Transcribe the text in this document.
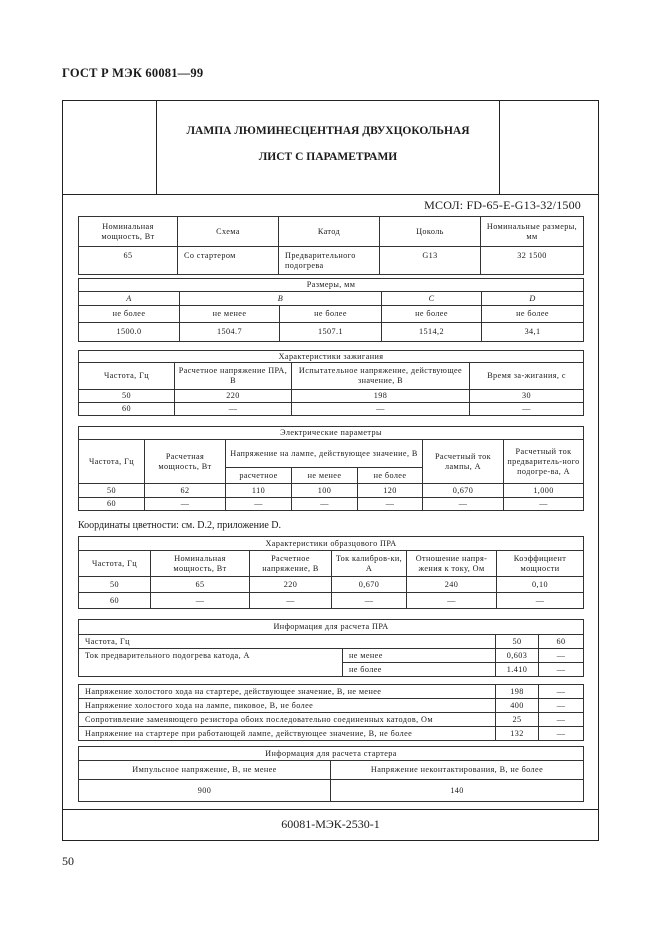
ГОСТ Р МЭК 60081—99
ЛАМПА ЛЮМИНЕСЦЕНТНАЯ ДВУХЦОКОЛЬНАЯ
ЛИСТ С ПАРАМЕТРАМИ
МСОЛ: FD-65-E-G13-32/1500
Номинальная мощность, Вт	Схема	Катод	Цоколь	Номинальные размеры, мм
65	Со стартером	Предварительного подогрева	G13	32 1500
Размеры, мм				
A	B		C	D
не более	не менее	не более	не более	не более
1500.0	1504.7	1507.1	1514,2	34,1
Характеристики зажигания			
Частота, Гц	Расчетное напряжение ПРА, В	Испытательное напряжение, действующее значение, В	Время за-жигания, с
50	220	198	30
60	—	—	—
Электрические параметры						
Частота, Гц	Расчетная мощность, Вт	Напряжение на лампе, действующее значение, В			Расчетный ток лампы, А	Расчетный ток предваритель-ного подогре-ва, А
		расчетное	не менее	не более		
50	62	110	100	120	0,670	1,000
60	—	—	—	—	—	—
Координаты цветности: см. D.2, приложение D.
Характеристики образцового ПРА					
Частота, Гц	Номинальная мощность, Вт	Расчетное напряжение, В	Ток калибров-ки, А	Отношение напря-жения к току, Ом	Коэффициент мощности
50	65	220	0,670	240	0,10
60	—	—	—	—	—
Информация для расчета ПРА			
Частота, Гц		50	60
Ток предварительного подогрева катода, А	не менее	0,603	—
	не более	1.410	—

Напряжение холостого хода на стартере, действующее значение, В, не менее		198	—
Напряжение холостого хода на лампе, пиковое, В, не более		400	—
Сопротивление заменяющего резистора обоих последовательно соединенных катодов, Ом		25	—
Напряжение на стартере при работающей лампе, действующее значение, В, не более		132	—
Информация для расчета стартера	
Импульсное напряжение, В, не менее	Напряжение неконтактирования, В, не более
900	140
60081-МЭК-2530-1
50
